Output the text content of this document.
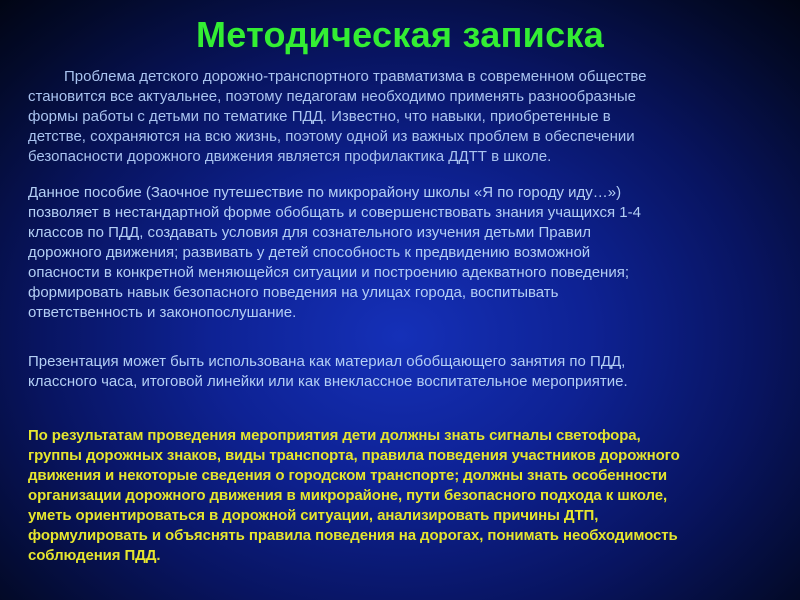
Методическая записка
Проблема детского дорожно-транспортного травматизма в современном обществе
становится все актуальнее, поэтому педагогам необходимо применять разнообразные
формы работы с детьми по тематике ПДД. Известно, что навыки, приобретенные в
детстве, сохраняются на всю жизнь, поэтому одной из важных проблем в обеспечении
безопасности дорожного движения является профилактика ДДТТ в школе.
Данное пособие (Заочное путешествие по микрорайону школы «Я по городу иду…»)
позволяет в нестандартной форме обобщать и совершенствовать знания учащихся 1-4
классов по ПДД, создавать условия для сознательного изучения детьми Правил
дорожного движения; развивать у детей способность к предвидению возможной
опасности в конкретной меняющейся ситуации и построению адекватного поведения;
формировать навык безопасного поведения на улицах города, воспитывать
ответственность и законопослушание.
Презентация может быть использована как материал обобщающего занятия по ПДД,
классного часа, итоговой линейки или как внеклассное воспитательное мероприятие.
По результатам проведения мероприятия дети должны знать сигналы светофора,
группы дорожных знаков, виды транспорта, правила поведения участников дорожного
движения и некоторые сведения о городском транспорте; должны знать особенности
организации дорожного движения в микрорайоне, пути безопасного подхода к школе,
уметь ориентироваться в дорожной ситуации, анализировать причины ДТП,
формулировать и объяснять правила поведения на дорогах, понимать необходимость
соблюдения ПДД.
